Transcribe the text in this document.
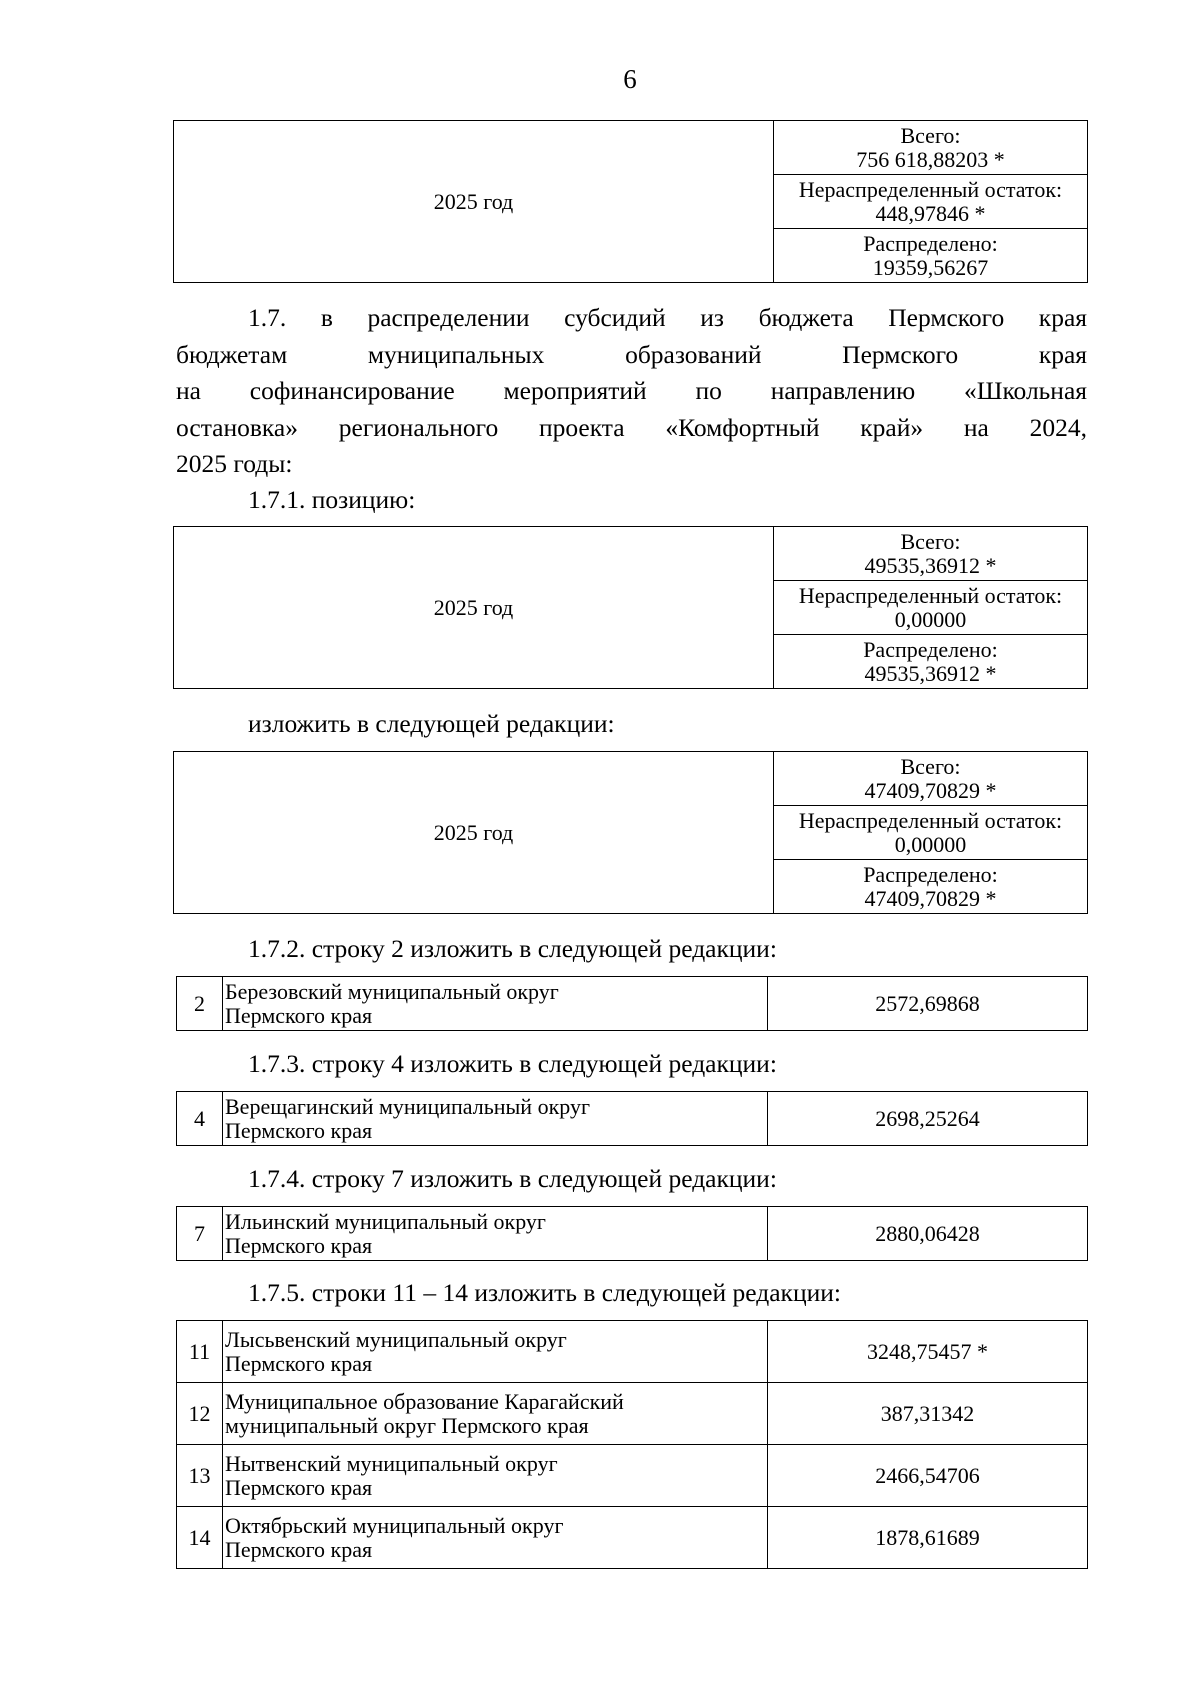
6
2025 год	
Всего:
756 618,88203 *

Нераспределенный остаток:
448,97846 *

Распределено:
19359,56267
1.7. в распределении субсидий из бюджета Пермского края
бюджетам муниципальных образований Пермского края
на софинансирование мероприятий по направлению «Школьная
остановка» регионального проекта «Комфортный край» на 2024,
2025 годы:
1.7.1. позицию:
2025 год	
Всего:
49535,36912 *

Нераспределенный остаток:
0,00000

Распределено:
49535,36912 *
изложить в следующей редакции:
2025 год	
Всего:
47409,70829 *

Нераспределенный остаток:
0,00000

Распределено:
47409,70829 *
1.7.2. строку 2 изложить в следующей редакции:
2	Березовский муниципальный округ
Пермского края	2572,69868
1.7.3. строку 4 изложить в следующей редакции:
4	Верещагинский муниципальный округ
Пермского края	2698,25264
1.7.4. строку 7 изложить в следующей редакции:
7	Ильинский муниципальный округ
Пермского края	2880,06428
1.7.5. строки 11 – 14 изложить в следующей редакции:
11	Лысьвенский муниципальный округ
Пермского края	3248,75457 *
12	Муниципальное образование Карагайский
муниципальный округ Пермского края	387,31342
13	Нытвенский муниципальный округ
Пермского края	2466,54706
14	Октябрьский муниципальный округ
Пермского края	1878,61689
